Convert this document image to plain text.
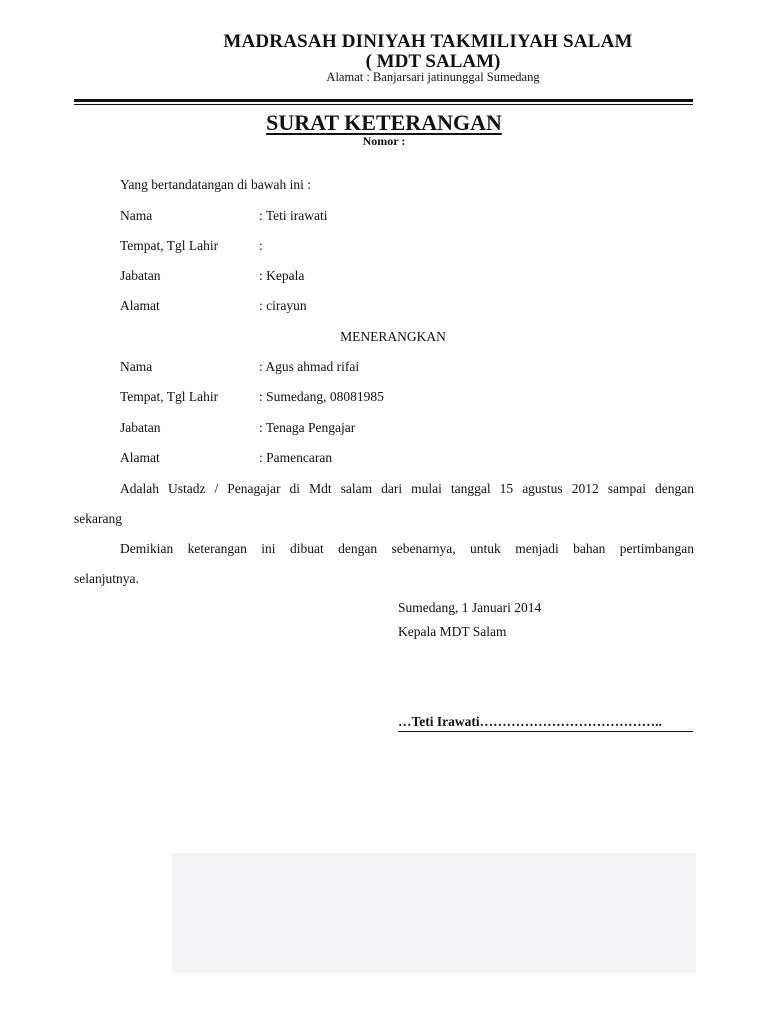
MADRASAH DINIYAH TAKMILIYAH SALAM
( MDT SALAM)
Alamat : Banjarsari jatinunggal Sumedang
SURAT KETERANGAN
Nomor :
Yang bertandatangan di bawah ini :
Nama	: Teti irawati
Tempat, Tgl Lahir	:
Jabatan	: Kepala
Alamat	: cirayun
MENERANGKAN
Nama	: Agus ahmad rifai
Tempat, Tgl Lahir	: Sumedang, 08081985
Jabatan	: Tenaga Pengajar
Alamat	: Pamencaran
Adalah Ustadz / Penagajar di Mdt salam dari mulai tanggal 15 agustus 2012 sampai dengan
sekarang
Demikian keterangan ini dibuat dengan sebenarnya, untuk menjadi bahan pertimbangan
selanjutnya.
Sumedang, 1 Januari 2014
Kepala MDT Salam
…Teti Irawati…………………………………..
